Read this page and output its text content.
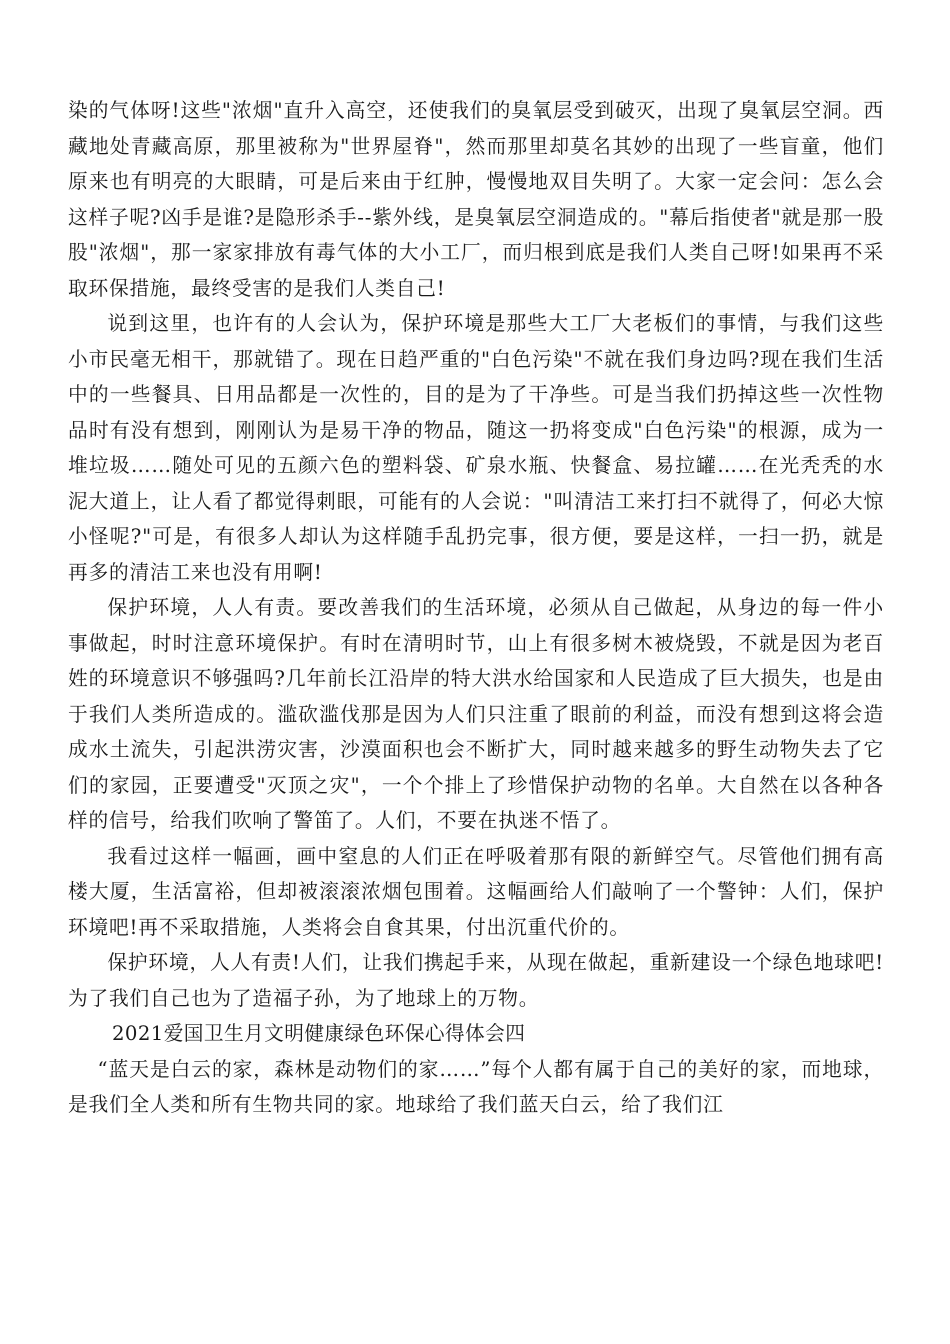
染的气体呀!这些"浓烟"直升入高空，还使我们的臭氧层受到破灭，出现了臭氧层空洞。西藏地处青藏高原，那里被称为"世界屋脊"，然而那里却莫名其妙的出现了一些盲童，他们原来也有明亮的大眼睛，可是后来由于红肿，慢慢地双目失明了。大家一定会问：怎么会这样子呢?凶手是谁?是隐形杀手--紫外线，是臭氧层空洞造成的。"幕后指使者"就是那一股股"浓烟"，那一家家排放有毒气体的大小工厂，而归根到底是我们人类自己呀!如果再不采取环保措施，最终受害的是我们人类自己!

说到这里，也许有的人会认为，保护环境是那些大工厂大老板们的事情，与我们这些小市民毫无相干，那就错了。现在日趋严重的"白色污染"不就在我们身边吗?现在我们生活中的一些餐具、日用品都是一次性的，目的是为了干净些。可是当我们扔掉这些一次性物品时有没有想到，刚刚认为是易干净的物品，随这一扔将变成"白色污染"的根源，成为一堆垃圾……随处可见的五颜六色的塑料袋、矿泉水瓶、快餐盒、易拉罐……在光秃秃的水泥大道上，让人看了都觉得刺眼，可能有的人会说："叫清洁工来打扫不就得了，何必大惊小怪呢?"可是，有很多人却认为这样随手乱扔完事，很方便，要是这样，一扫一扔，就是再多的清洁工来也没有用啊!

保护环境，人人有责。要改善我们的生活环境，必须从自己做起，从身边的每一件小事做起，时时注意环境保护。有时在清明时节，山上有很多树木被烧毁，不就是因为老百姓的环境意识不够强吗?几年前长江沿岸的特大洪水给国家和人民造成了巨大损失，也是由于我们人类所造成的。滥砍滥伐那是因为人们只注重了眼前的利益，而没有想到这将会造成水土流失，引起洪涝灾害，沙漠面积也会不断扩大，同时越来越多的野生动物失去了它们的家园，正要遭受"灭顶之灾"，一个个排上了珍惜保护动物的名单。大自然在以各种各样的信号，给我们吹响了警笛了。人们，不要在执迷不悟了。

我看过这样一幅画，画中窒息的人们正在呼吸着那有限的新鲜空气。尽管他们拥有高楼大厦，生活富裕，但却被滚滚浓烟包围着。这幅画给人们敲响了一个警钟：人们，保护环境吧!再不采取措施，人类将会自食其果，付出沉重代价的。

保护环境，人人有责!人们，让我们携起手来，从现在做起，重新建设一个绿色地球吧!为了我们自己也为了造福子孙，为了地球上的万物。

2021爱国卫生月文明健康绿色环保心得体会四

“蓝天是白云的家，森林是动物们的家……”每个人都有属于自己的美好的家，而地球，是我们全人类和所有生物共同的家。地球给了我们蓝天白云，给了我们江
